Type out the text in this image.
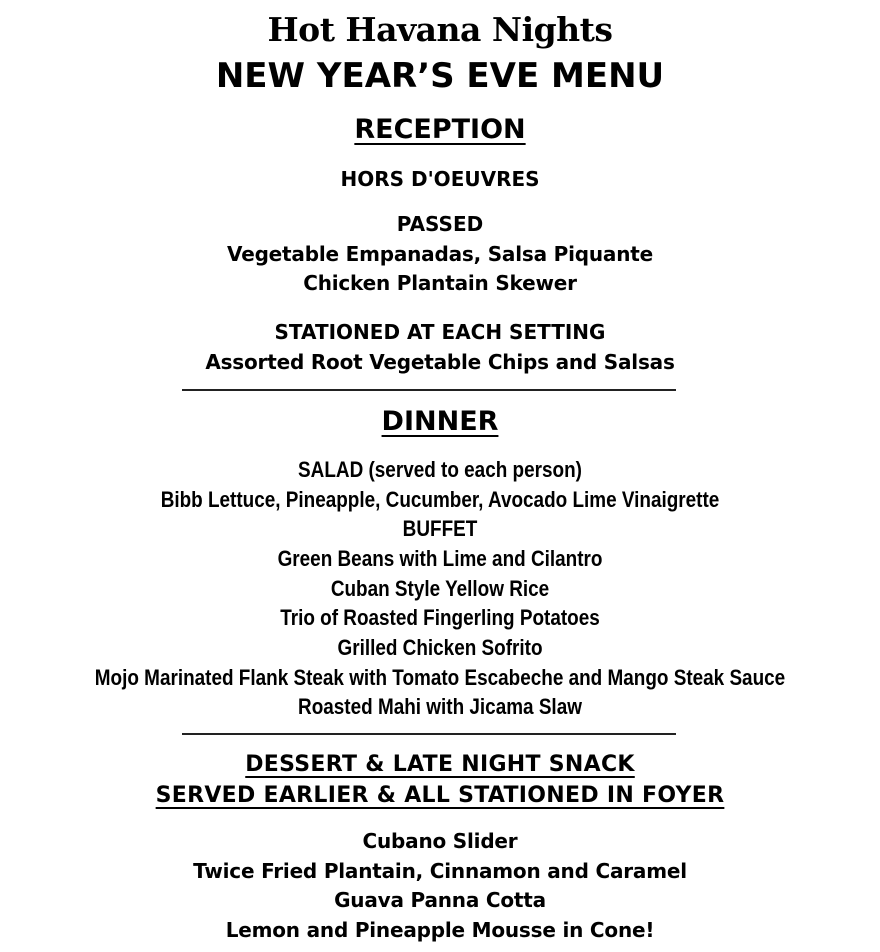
Hot Havana Nights
NEW YEAR’S EVE MENU
RECEPTION
HORS D'OEUVRES
PASSED
Vegetable Empanadas, Salsa Piquante
Chicken Plantain Skewer
STATIONED AT EACH SETTING
Assorted Root Vegetable Chips and Salsas
DINNER
SALAD (served to each person)
Bibb Lettuce, Pineapple, Cucumber, Avocado Lime Vinaigrette
BUFFET
Green Beans with Lime and Cilantro
Cuban Style Yellow Rice
Trio of Roasted Fingerling Potatoes
Grilled Chicken Sofrito
Mojo Marinated Flank Steak with Tomato Escabeche and Mango Steak Sauce
Roasted Mahi with Jicama Slaw
DESSERT & LATE NIGHT SNACK
SERVED EARLIER & ALL STATIONED IN FOYER
Cubano Slider
Twice Fried Plantain, Cinnamon and Caramel
Guava Panna Cotta
Lemon and Pineapple Mousse in Cone!
